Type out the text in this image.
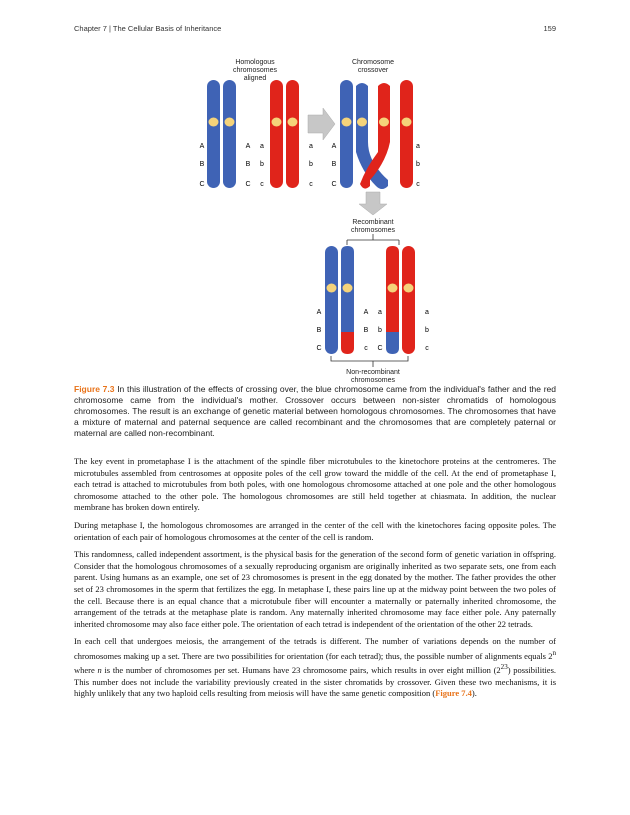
Chapter 7 | The Cellular Basis of Inheritance	159
Homologous
chromosomes
aligned
Chromosome
crossover
A
B
C
A
B
C
a
b
c
a
b
c
A
B
C
a
b
c
Recombinant
chromosomes
A
B
C
A
B
c
a
b
C
a
b
c
Non-recombinant
chromosomes

Figure 7.3 In this illustration of the effects of crossing over, the blue chromosome came from the individual's father and the red chromosome came from the individual's mother. Crossover occurs between non-sister chromatids of homologous chromosomes. The result is an exchange of genetic material between homologous chromosomes. The chromosomes that have a mixture of maternal and paternal sequence are called recombinant and the chromosomes that are completely paternal or maternal are called non-recombinant.

The key event in prometaphase I is the attachment of the spindle fiber microtubules to the kinetochore proteins at the centromeres. The microtubules assembled from centrosomes at opposite poles of the cell grow toward the middle of the cell. At the end of prometaphase I, each tetrad is attached to microtubules from both poles, with one homologous chromosome attached at one pole and the other homologous chromosome attached to the other pole. The homologous chromosomes are still held together at chiasmata. In addition, the nuclear membrane has broken down entirely.

During metaphase I, the homologous chromosomes are arranged in the center of the cell with the kinetochores facing opposite poles. The orientation of each pair of homologous chromosomes at the center of the cell is random.

This randomness, called independent assortment, is the physical basis for the generation of the second form of genetic variation in offspring. Consider that the homologous chromosomes of a sexually reproducing organism are originally inherited as two separate sets, one from each parent. Using humans as an example, one set of 23 chromosomes is present in the egg donated by the mother. The father provides the other set of 23 chromosomes in the sperm that fertilizes the egg. In metaphase I, these pairs line up at the midway point between the two poles of the cell. Because there is an equal chance that a microtubule fiber will encounter a maternally or paternally inherited chromosome, the arrangement of the tetrads at the metaphase plate is random. Any maternally inherited chromosome may face either pole. Any paternally inherited chromosome may also face either pole. The orientation of each tetrad is independent of the orientation of the other 22 tetrads.

In each cell that undergoes meiosis, the arrangement of the tetrads is different. The number of variations depends on the number of chromosomes making up a set. There are two possibilities for orientation (for each tetrad); thus, the possible number of alignments equals 2$^n$ where n is the number of chromosomes per set. Humans have 23 chromosome pairs, which results in over eight million $(2^{23})$ possibilities. This number does not include the variability previously created in the sister chromatids by crossover. Given these two mechanisms, it is highly unlikely that any two haploid cells resulting from meiosis will have the same genetic composition (Figure 7.4).
